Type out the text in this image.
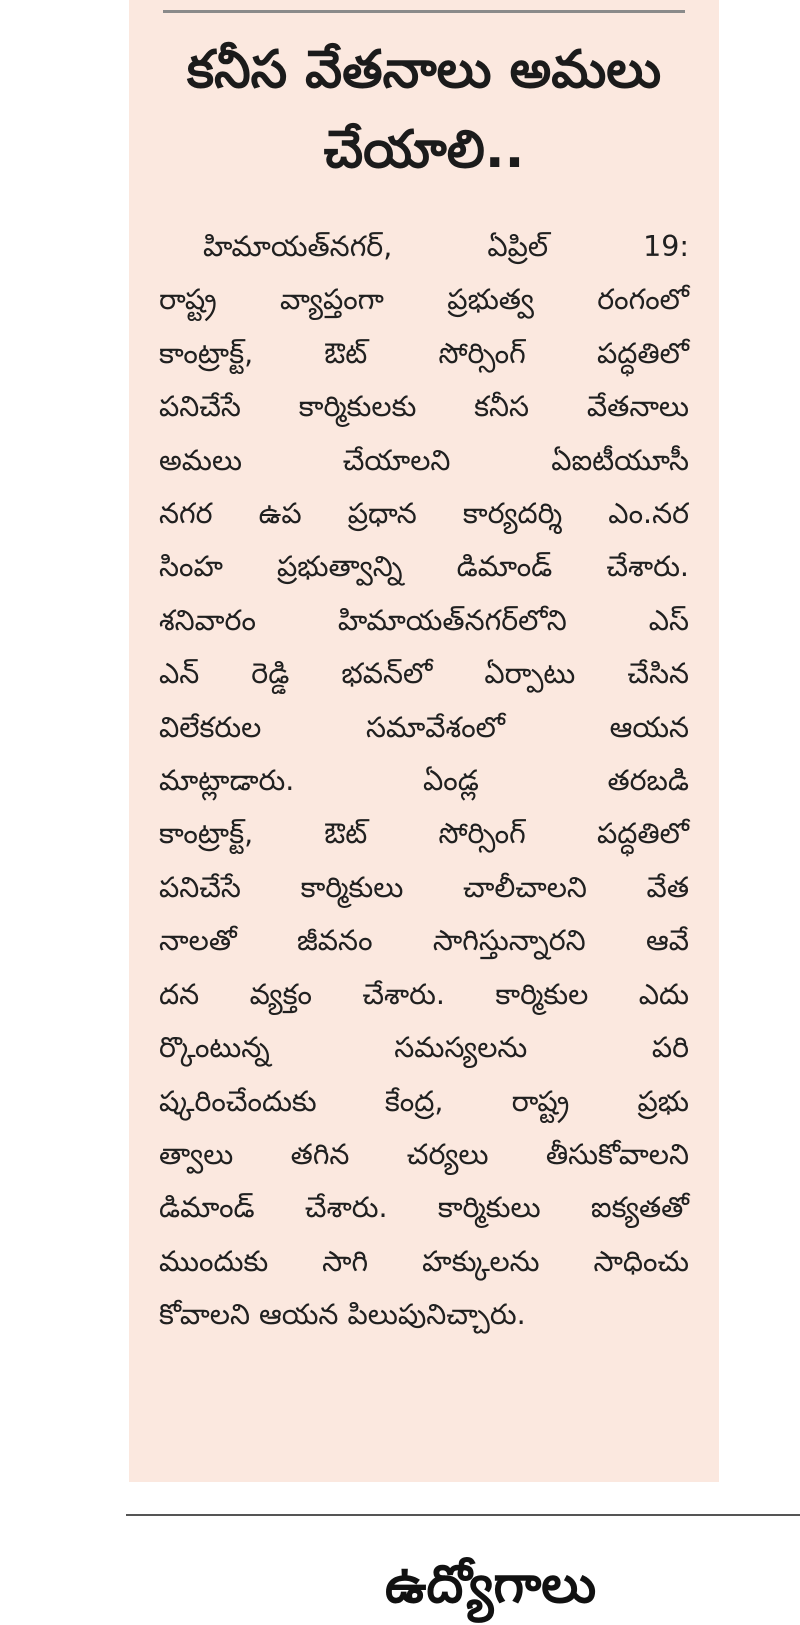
కనీస వేతనాలు అమలు
చేయాలి..
హిమాయత్‌నగర్, ఏప్రిల్ 19:
రాష్ట్ర వ్యాప్తంగా ప్రభుత్వ రంగంలో
కాంట్రాక్ట్, ఔట్ సోర్సింగ్ పద్ధతిలో
పనిచేసే కార్మికులకు కనీస వేతనాలు
అమలు చేయాలని ఏఐటీయూసీ
నగర ఉప ప్రధాన కార్యదర్శి ఎం.నర
సింహ ప్రభుత్వాన్ని డిమాండ్ చేశారు.
శనివారం హిమాయత్‌నగర్‌లోని ఎస్
ఎన్ రెడ్డి భవన్‌లో ఏర్పాటు చేసిన
విలేకరుల సమావేశంలో ఆయన
మాట్లాడారు. ఏండ్ల తరబడి
కాంట్రాక్ట్, ఔట్ సోర్సింగ్ పద్ధతిలో
పనిచేసే కార్మికులు చాలీచాలని వేత
నాలతో జీవనం సాగిస్తున్నారని ఆవే
దన వ్యక్తం చేశారు. కార్మికుల ఎదు
ర్కొంటున్న సమస్యలను పరి
ష్కరించేందుకు కేంద్ర, రాష్ట్ర ప్రభు
త్వాలు తగిన చర్యలు తీసుకోవాలని
డిమాండ్ చేశారు. కార్మికులు ఐక్యతతో
ముందుకు సాగి హక్కులను సాధించు
కోవాలని ఆయన పిలుపునిచ్చారు.
ఉద్యోగాలు
